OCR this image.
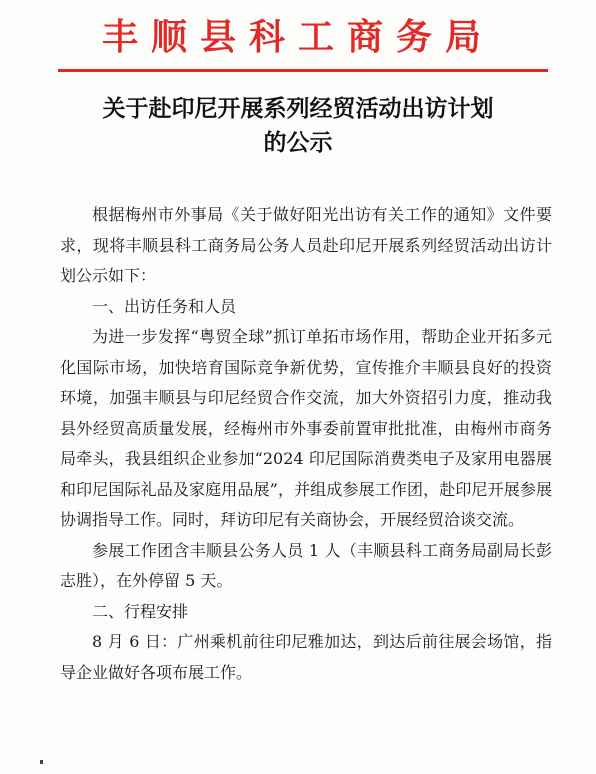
丰顺县科工商务局
关于赴印尼开展系列经贸活动出访计划
的公示

根据梅州市外事局《关于做好阳光出访有关工作的通知》文件要求，现将丰顺县科工商务局公务人员赴印尼开展系列经贸活动出访计划公示如下：

一、出访任务和人员

为进一步发挥“粤贸全球”抓订单拓市场作用，帮助企业开拓多元化国际市场，加快培育国际竞争新优势，宣传推介丰顺县良好的投资环境，加强丰顺县与印尼经贸合作交流，加大外资招引力度，推动我县外经贸高质量发展，经梅州市外事委前置审批批准，由梅州市商务局牵头，我县组织企业参加“2024 印尼国际消费类电子及家用电器展和印尼国际礼品及家庭用品展”，并组成参展工作团，赴印尼开展参展协调指导工作。同时，拜访印尼有关商协会，开展经贸洽谈交流。

参展工作团含丰顺县公务人员 1 人（丰顺县科工商务局副局长彭志胜），在外停留 5 天。

二、行程安排

8 月 6 日：广州乘机前往印尼雅加达，到达后前往展会场馆，指导企业做好各项布展工作。
